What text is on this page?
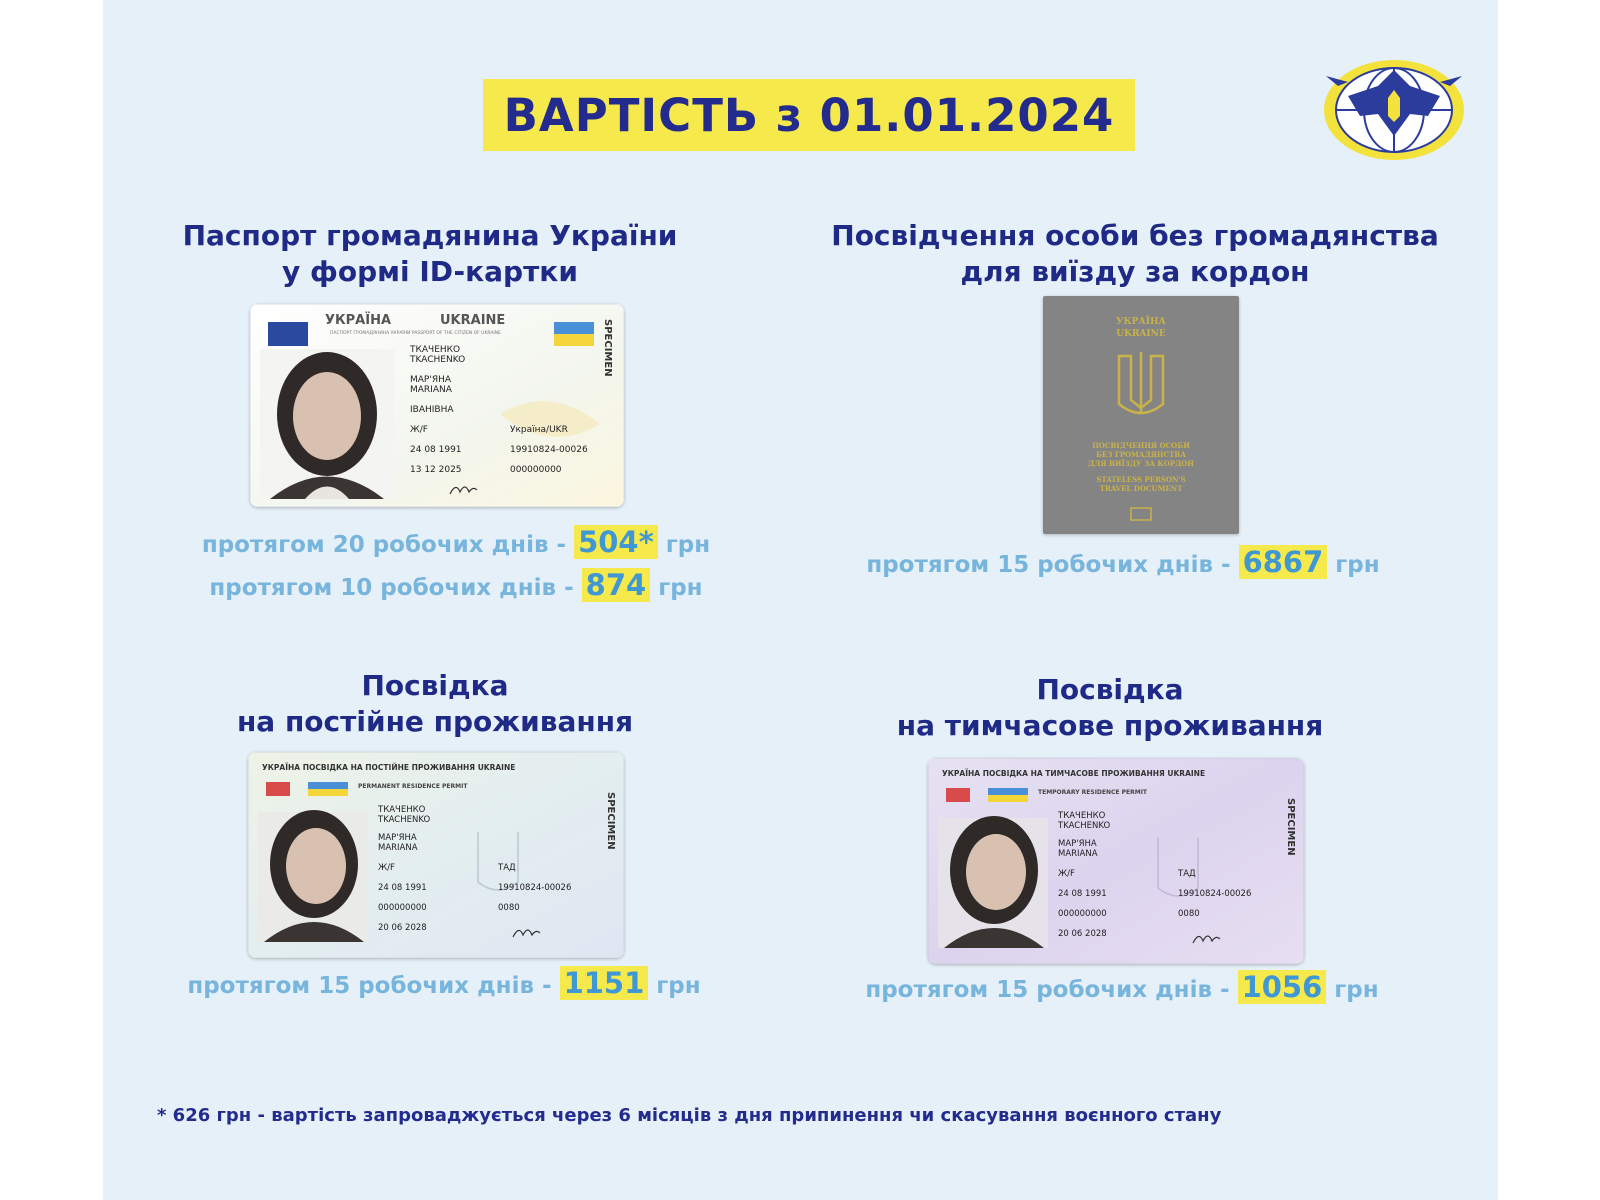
ВАРТІСТЬ з 01.01.2024
Паспорт громадянина України
у формі ID-картки
УКРАЇНА	UKRAINE
ПАСПОРТ ГРОМАДЯНИНА УКРАЇНИ PASSPORT OF THE CITIZEN OF UKRAINE	SPECIMEN
ТКАЧЕНКО
TKACHENKO
МАР'ЯНА
MARIANA
ІВАНІВНА
Ж/F
24 08 1991
13 12 2025
Україна/UKR
19910824-00026
000000000
протягом 20 робочих днів - 504* грн
протягом 10 робочих днів - 874 грн
Посвідчення особи без громадянства
для виїзду за кордон
УКРАЇНА
UKRAINE
ПОСВІДЧЕННЯ ОСОБИ
БЕЗ ГРОМАДЯНСТВА
ДЛЯ ВИЇЗДУ ЗА КОРДОН
STATELESS PERSON'S
TRAVEL DOCUMENT
протягом 15 робочих днів - 6867 грн
Посвідка
на постійне проживання
УКРАЇНА ПОСВІДКА НА ПОСТІЙНЕ ПРОЖИВАННЯ UKRAINE
PERMANENT RESIDENCE PERMIT
SPECIMEN
ТКАЧЕНКО
TKACHENKO
МАР'ЯНА
MARIANA
Ж/F
24 08 1991
000000000
20 06 2028
ТАД
19910824-00026
0080
протягом 15 робочих днів - 1151 грн
Посвідка
на тимчасове проживання
УКРАЇНА ПОСВІДКА НА ТИМЧАСОВЕ ПРОЖИВАННЯ UKRAINE
TEMPORARY RESIDENCE PERMIT
SPECIMEN
ТКАЧЕНКО
TKACHENKO
МАР'ЯНА
MARIANA
Ж/F
24 08 1991
000000000
20 06 2028
ТАД
19910824-00026
0080
протягом 15 робочих днів - 1056 грн
* 626 грн - вартість запроваджується через 6 місяців з дня припинення чи скасування воєнного стану
